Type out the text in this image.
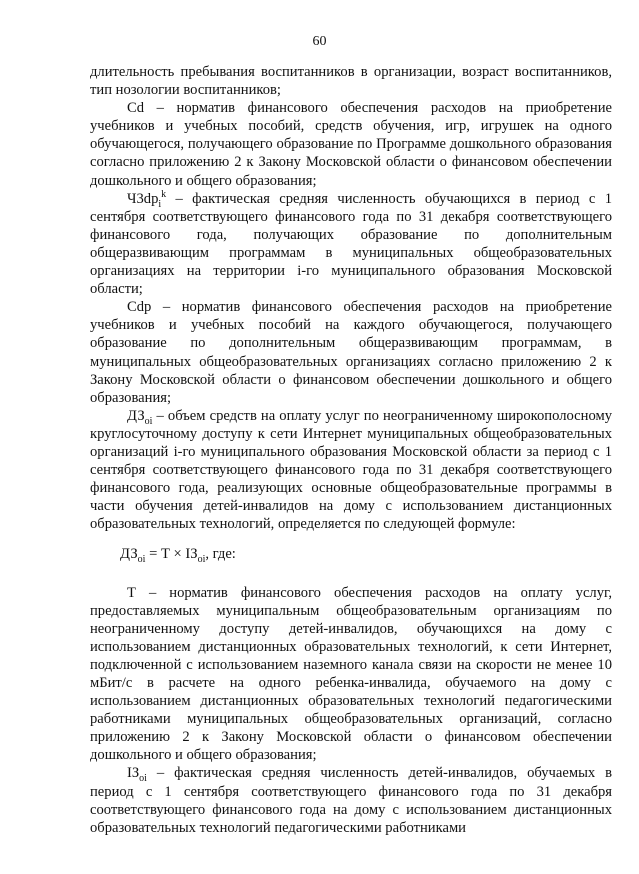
60

длительность пребывания воспитанников в организации, возраст воспитанников, тип нозологии воспитанников;

Cd – норматив финансового обеспечения расходов на приобретение учебников и учебных пособий, средств обучения, игр, игрушек на одного обучающегося, получающего образование по Программе дошкольного образования согласно приложению 2 к Закону Московской области о финансовом обеспечении дошкольного и общего образования;

$Ч3dp_i^k$ – фактическая средняя численность обучающихся в период с 1 сентября соответствующего финансового года по 31 декабря соответствующего финансового года, получающих образование по дополнительным общеразвивающим программам в муниципальных общеобразовательных организациях на территории i-го муниципального образования Московской области;

Cdp – норматив финансового обеспечения расходов на приобретение учебников и учебных пособий на каждого обучающегося, получающего образование по дополнительным общеразвивающим программам, в муниципальных общеобразовательных организациях согласно приложению 2 к Закону Московской области о финансовом обеспечении дошкольного и общего образования;

$ДЗ_{oi}$ – объем средств на оплату услуг по неограниченному широкополосному круглосуточному доступу к сети Интернет муниципальных общеобразовательных организаций i-го муниципального образования Московской области за период с 1 сентября соответствующего финансового года по 31 декабря соответствующего финансового года, реализующих основные общеобразовательные программы в части обучения детей-инвалидов на дому с использованием дистанционных образовательных технологий, определяется по следующей формуле:

$ДЗ_{oi} = Т \times IЗ_{oi}$, где:

Т – норматив финансового обеспечения расходов на оплату услуг, предоставляемых муниципальным общеобразовательным организациям по неограниченному доступу детей-инвалидов, обучающихся на дому с использованием дистанционных образовательных технологий, к сети Интернет, подключенной с использованием наземного канала связи на скорости не менее 10 мБит/с в расчете на одного ребенка-инвалида, обучаемого на дому с использованием дистанционных образовательных технологий педагогическими работниками муниципальных общеобразовательных организаций, согласно приложению 2 к Закону Московской области о финансовом обеспечении дошкольного и общего образования;

$IЗ_{oi}$ – фактическая средняя численность детей-инвалидов, обучаемых в период с 1 сентября соответствующего финансового года по 31 декабря соответствующего финансового года на дому с использованием дистанционных образовательных технологий педагогическими работниками
